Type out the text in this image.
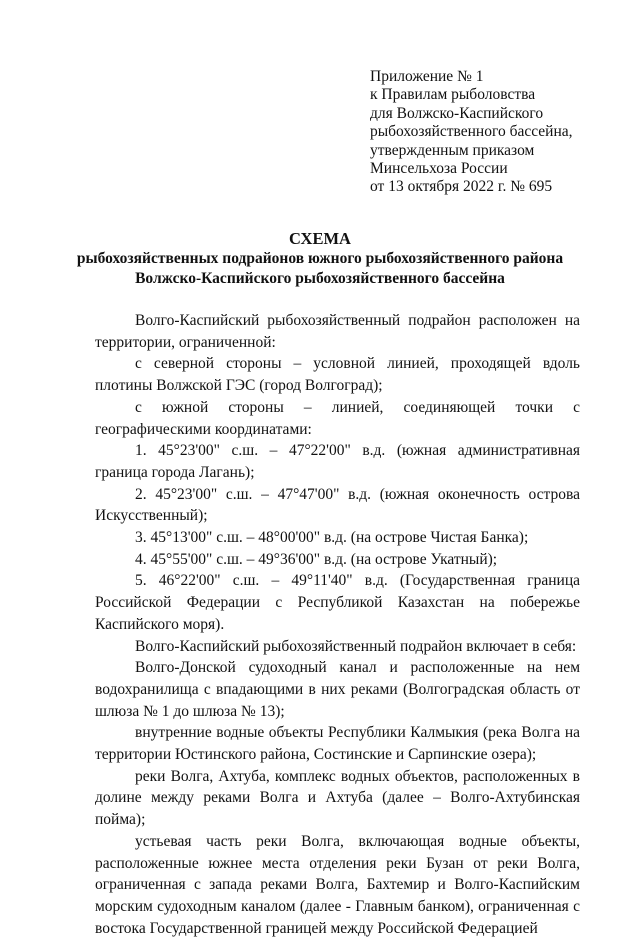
Приложение № 1
к Правилам рыболовства
для Волжско-Каспийского
рыбохозяйственного бассейна,
утвержденным приказом
Минсельхоза России
от 13 октября 2022 г. № 695
СХЕМА
рыбохозяйственных подрайонов южного рыбохозяйственного района
Волжско-Каспийского рыбохозяйственного бассейна

Волго-Каспийский рыбохозяйственный подрайон расположен на территории, ограниченной:

с северной стороны – условной линией, проходящей вдоль плотины Волжской ГЭС (город Волгоград);

с южной стороны – линией, соединяющей точки с географическими координатами:

1. 45°23'00" с.ш. – 47°22'00" в.д. (южная административная граница города Лагань);

2. 45°23'00" с.ш. – 47°47'00" в.д. (южная оконечность острова Искусственный);

3. 45°13'00" с.ш. – 48°00'00" в.д. (на острове Чистая Банка);

4. 45°55'00" с.ш. – 49°36'00" в.д. (на острове Укатный);

5. 46°22'00" с.ш. – 49°11'40" в.д. (Государственная граница Российской Федерации с Республикой Казахстан на побережье Каспийского моря).

Волго-Каспийский рыбохозяйственный подрайон включает в себя:

Волго-Донской судоходный канал и расположенные на нем водохранилища с впадающими в них реками (Волгоградская область от шлюза № 1 до шлюза № 13);

внутренние водные объекты Республики Калмыкия (река Волга на территории Юстинского района, Состинские и Сарпинские озера);

реки Волга, Ахтуба, комплекс водных объектов, расположенных в долине между реками Волга и Ахтуба (далее – Волго-Ахтубинская пойма);

устьевая часть реки Волга, включающая водные объекты, расположенные южнее места отделения реки Бузан от реки Волга, ограниченная с запада реками Волга, Бахтемир и Волго-Каспийским морским судоходным каналом (далее - Главным банком), ограниченная с востока Государственной границей между Российской Федерацией
